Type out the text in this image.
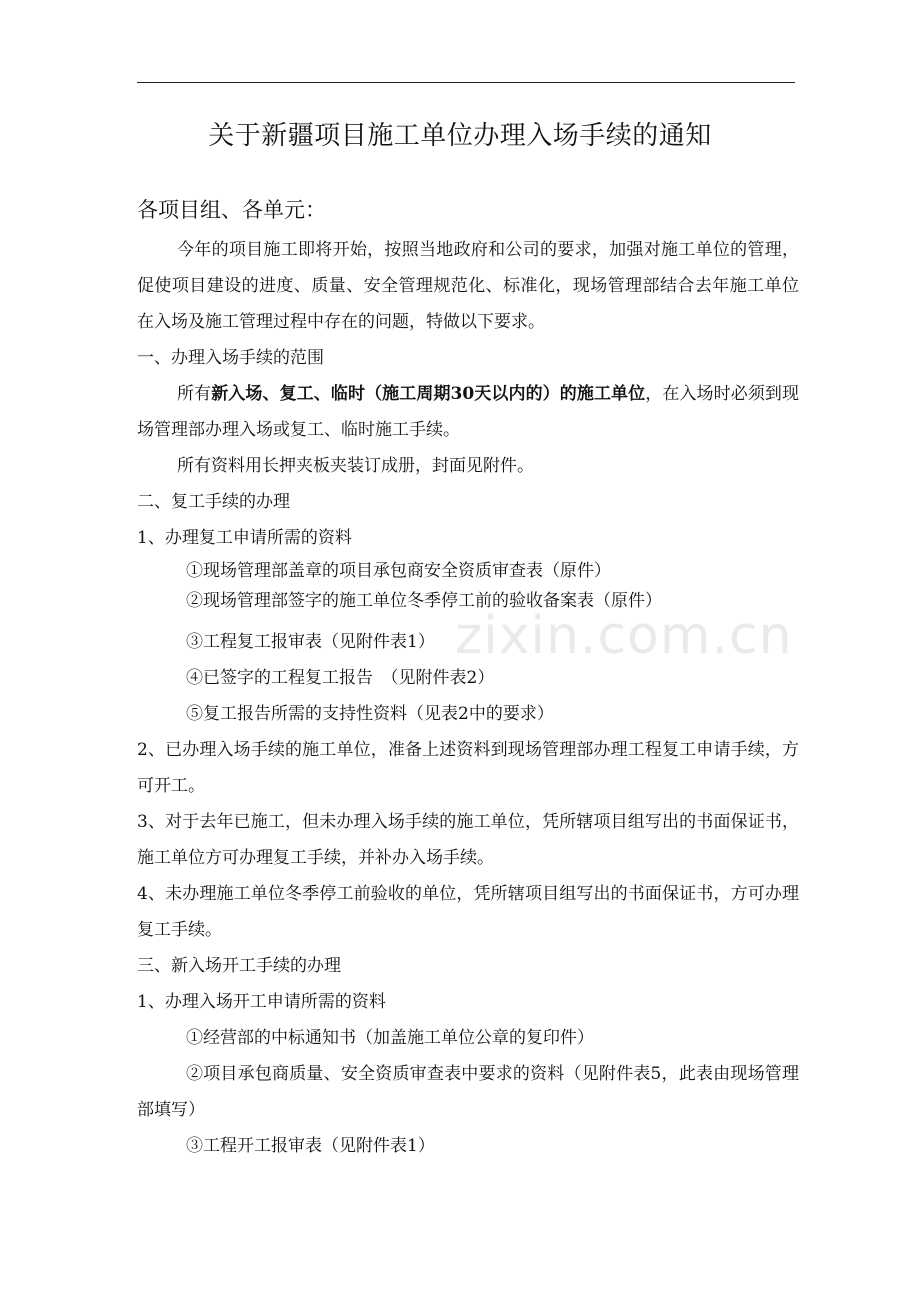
关于新疆项目施工单位办理入场手续的通知
各项目组、各单元：

今年的项目施工即将开始，按照当地政府和公司的要求，加强对施工单位的管理，促使项目建设的进度、质量、安全管理规范化、标准化，现场管理部结合去年施工单位在入场及施工管理过程中存在的问题，特做以下要求。

一、办理入场手续的范围

所有新入场、复工、临时（施工周期30天以内的）的施工单位，在入场时必须到现场管理部办理入场或复工、临时施工手续。

所有资料用长押夹板夹装订成册，封面见附件。

二、复工手续的办理

1、办理复工申请所需的资料

①现场管理部盖章的项目承包商安全资质审查表（原件）

②现场管理部签字的施工单位冬季停工前的验收备案表（原件）

③工程复工报审表（见附件表1）

④已签字的工程复工报告　（见附件表2）

⑤复工报告所需的支持性资料（见表2中的要求）

2、已办理入场手续的施工单位，准备上述资料到现场管理部办理工程复工申请手续，方可开工。

3、对于去年已施工，但未办理入场手续的施工单位，凭所辖项目组写出的书面保证书，施工单位方可办理复工手续，并补办入场手续。

4、未办理施工单位冬季停工前验收的单位，凭所辖项目组写出的书面保证书，方可办理复工手续。

三、新入场开工手续的办理

1、办理入场开工申请所需的资料

①经营部的中标通知书（加盖施工单位公章的复印件）

②项目承包商质量、安全资质审查表中要求的资料（见附件表5，此表由现场管理部填写）

③工程开工报审表（见附件表1）

zixin.com.cn
